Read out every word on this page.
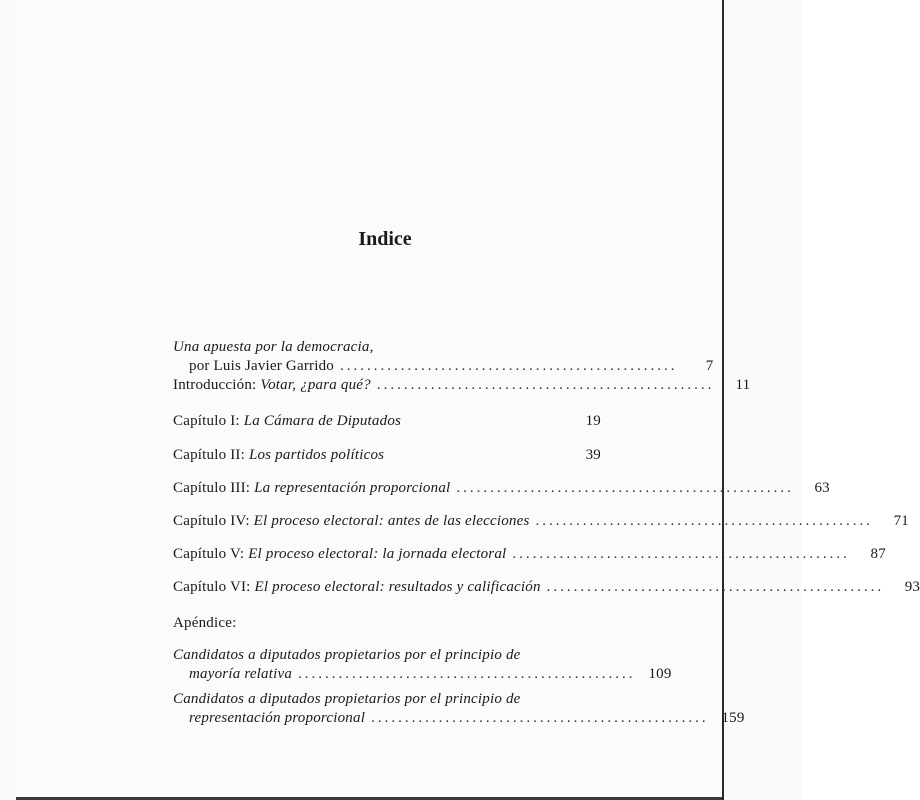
Indice
Una apuesta por la democracia,
por Luis Javier Garrido ..................................................	7
Introducción: Votar, ¿para qué? ..................................................	11
Capítulo I: La Cámara de Diputados	19
Capítulo II: Los partidos políticos	39
Capítulo III: La representación proporcional ..................................................	63
Capítulo IV: El proceso electoral: antes de las elecciones ..................................................	71
Capítulo V: El proceso electoral: la jornada electoral ..................................................	87
Capítulo VI: El proceso electoral: resultados y calificación ..................................................	93
Apéndice:
Candidatos a diputados propietarios por el principio de
mayoría relativa .................................................. 109
Candidatos a diputados propietarios por el principio de
representación proporcional .................................................. 159
